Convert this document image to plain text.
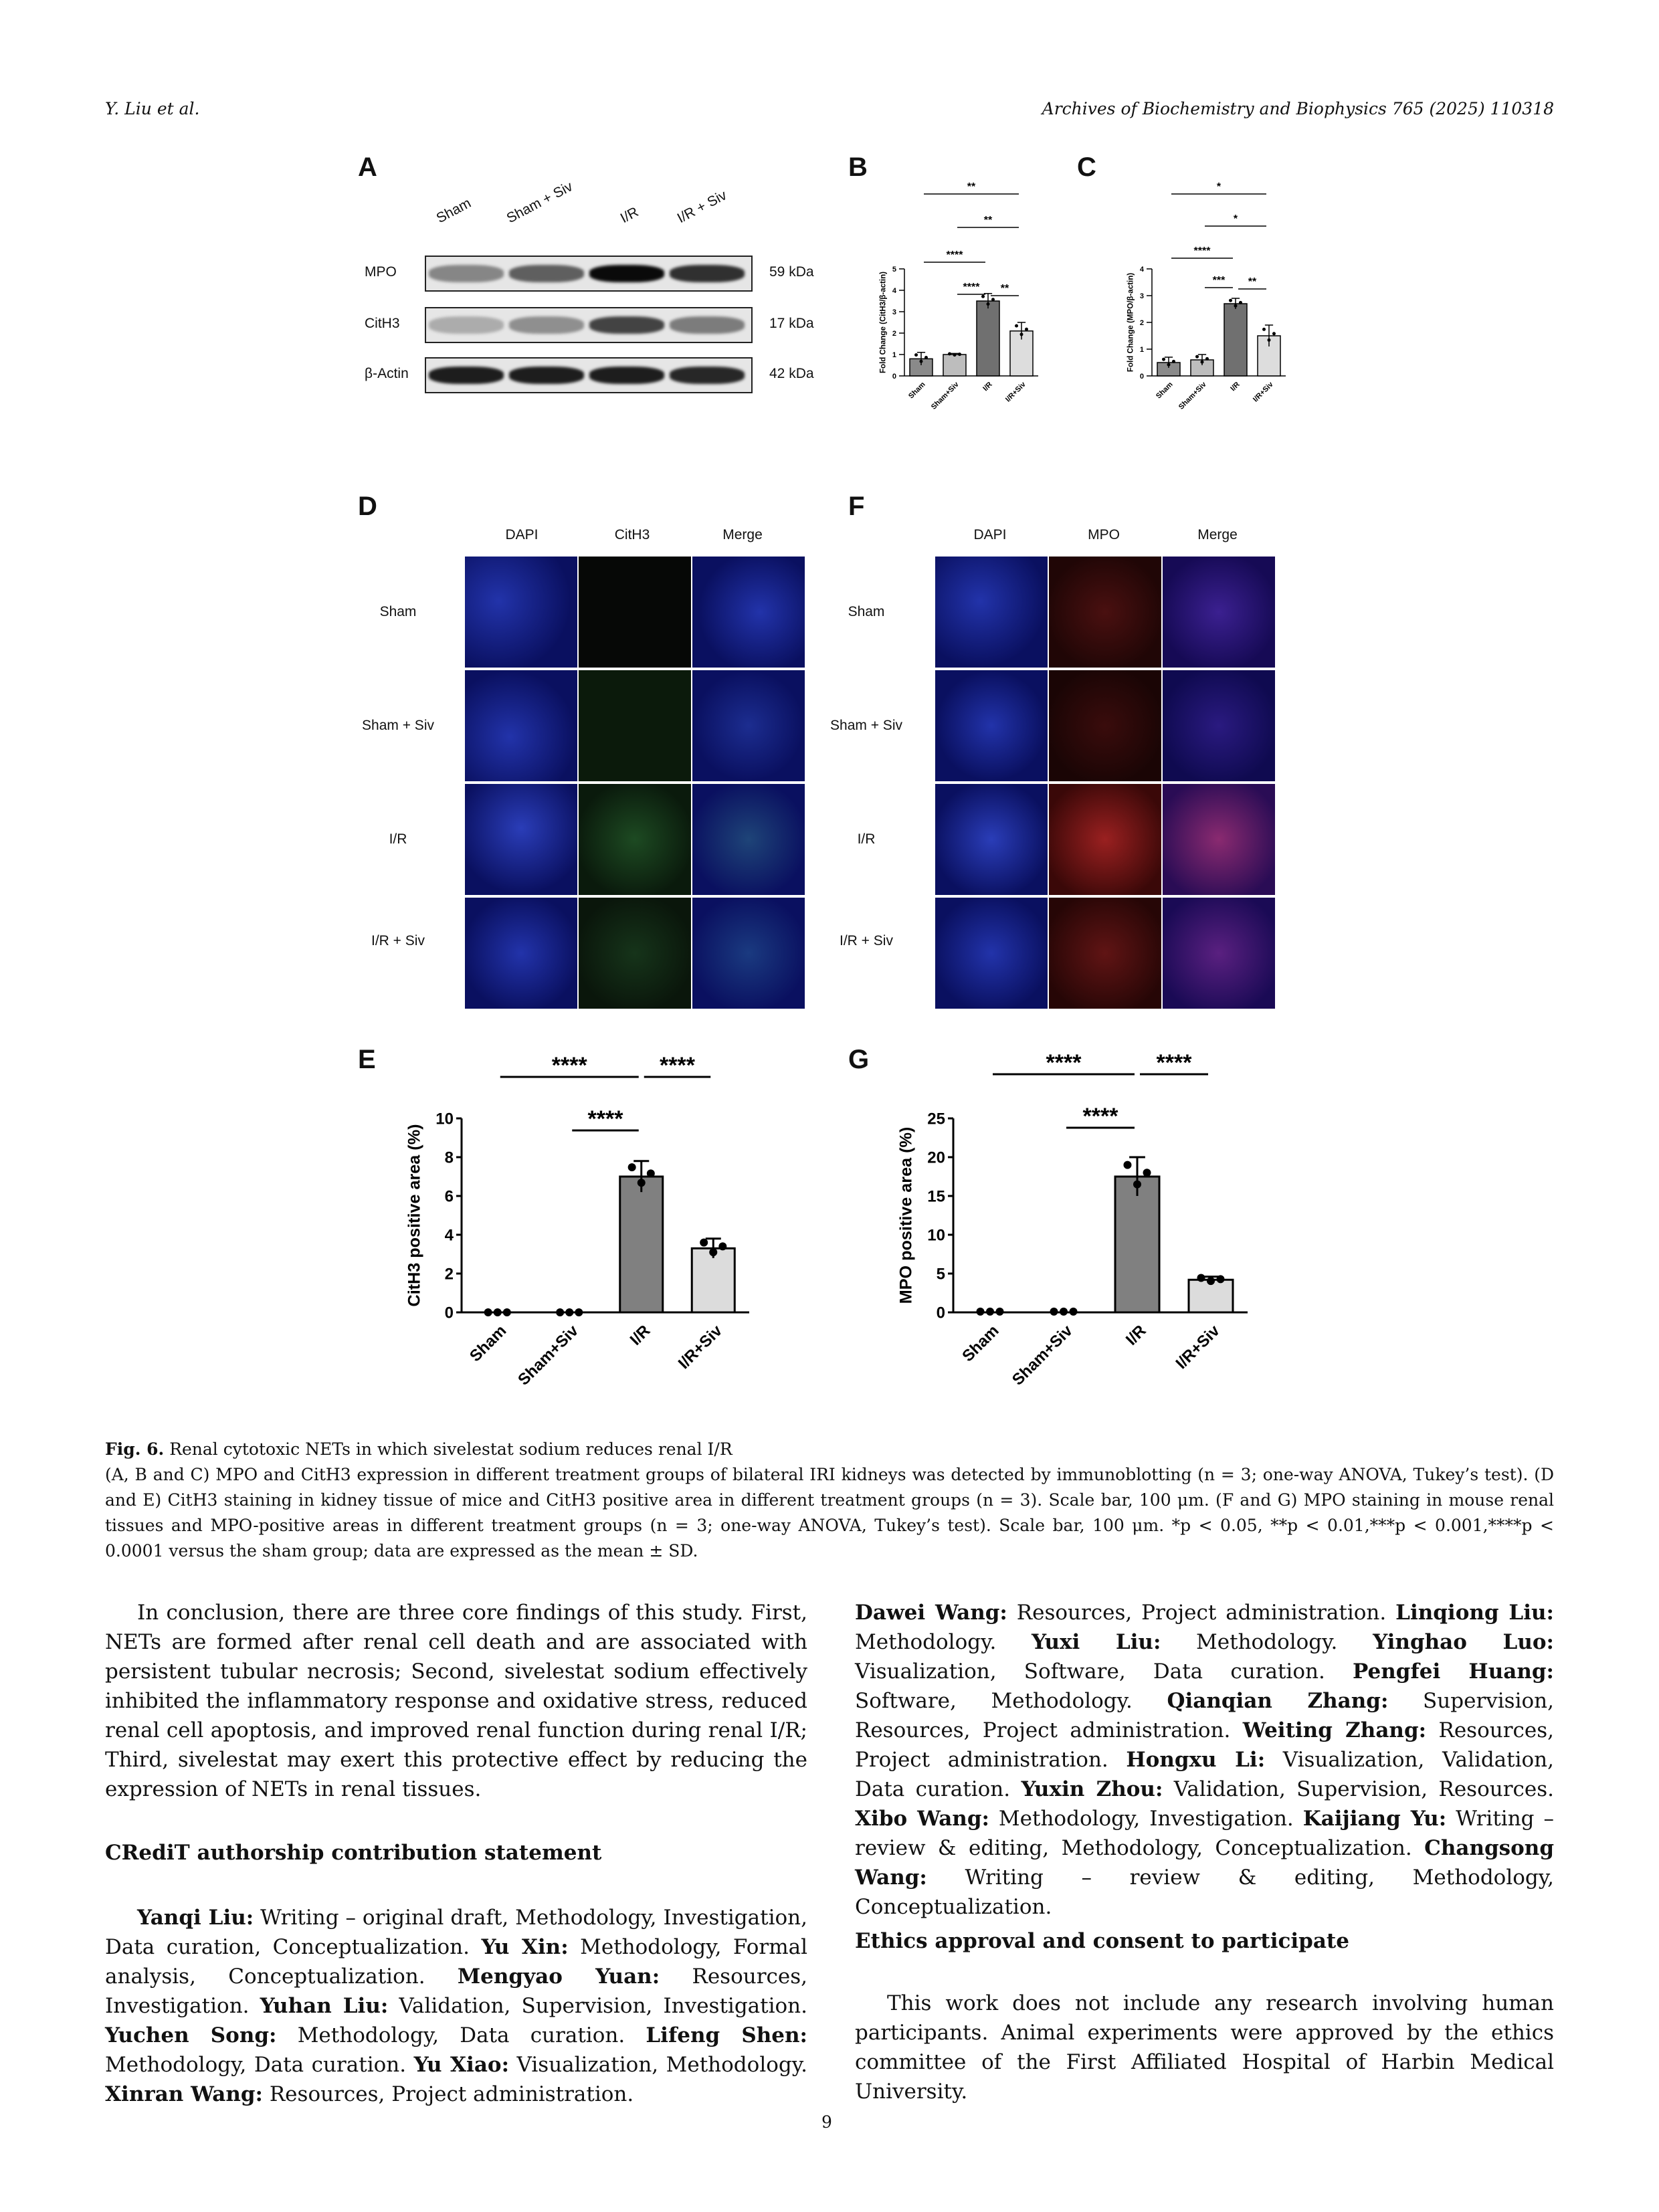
Y. Liu et al.	Archives of Biochemistry and Biophysics 765 (2025) 110318
A	B	C
D	F
E	G
Sham Sham + Siv	I/R I/R + Siv
MPO
CitH3
β-Actin
59 kDa
17 kDa
42 kDa	0
1
2
3
4
5
Fold Change (CitH3/β-actin)
Sham Sham+Siv	I/R I/R+Siv
**
**
****
**** **
0
1
2
3
4
Fold Change (MPO/β-actin)
Sham Sham+Siv	I/R I/R+Siv
*
*
****
*** **
0
2
4
6
8
10
CitH3 positive area (%)
Sham Sham+Siv	I/R I/R+Siv
****	****
****
0
5
10
15
20
25
MPO positive area (%)
Sham Sham+Siv	I/R I/R+Siv
****	****
****
DAPI	CitH3	Merge
Sham
Sham + Siv
I/R
I/R + Siv
DAPI	MPO	Merge
Sham
Sham + Siv
I/R
I/R + Siv
Fig. 6. Renal cytotoxic NETs in which sivelestat sodium reduces renal I/R
(A, B and C) MPO and CitH3 expression in different treatment groups of bilateral IRI kidneys was detected by immunoblotting (n = 3; one-way ANOVA, Tukey’s test). (D and E) CitH3 staining in kidney tissue of mice and CitH3 positive area in different treatment groups (n = 3). Scale bar, 100 μm. (F and G) MPO staining in mouse renal tissues and MPO-positive areas in different treatment groups (n = 3; one-way ANOVA, Tukey’s test). Scale bar, 100 μm. *p < 0.05, **p < 0.01,***p < 0.001,****p < 0.0001 versus the sham group; data are expressed as the mean ± SD.
In conclusion, there are three core findings of this study. First, NETs are formed after renal cell death and are associated with persistent tubular necrosis; Second, sivelestat sodium effectively inhibited the inflammatory response and oxidative stress, reduced renal cell apoptosis, and improved renal function during renal I/R; Third, sivelestat may exert this protective effect by reducing the expression of NETs in renal tissues.
CRediT authorship contribution statement
Yanqi Liu: Writing – original draft, Methodology, Investigation, Data curation, Conceptualization. Yu Xin: Methodology, Formal analysis, Conceptualization. Mengyao Yuan: Resources, Investigation. Yuhan Liu: Validation, Supervision, Investigation. Yuchen Song: Methodology, Data curation. Lifeng Shen: Methodology, Data curation. Yu Xiao: Visualization, Methodology. Xinran Wang: Resources, Project administration.
Dawei Wang: Resources, Project administration. Linqiong Liu: Methodology. Yuxi Liu: Methodology. Yinghao Luo: Visualization, Software, Data curation. Pengfei Huang: Software, Methodology. Qianqian Zhang: Supervision, Resources, Project administration. Weiting Zhang: Resources, Project administration. Hongxu Li: Visualization, Validation, Data curation. Yuxin Zhou: Validation, Supervision, Resources. Xibo Wang: Methodology, Investigation. Kaijiang Yu: Writing – review & editing, Methodology, Conceptualization. Changsong Wang: Writing – review & editing, Methodology, Conceptualization.
Ethics approval and consent to participate
This work does not include any research involving human participants. Animal experiments were approved by the ethics committee of the First Affiliated Hospital of Harbin Medical University.
9
